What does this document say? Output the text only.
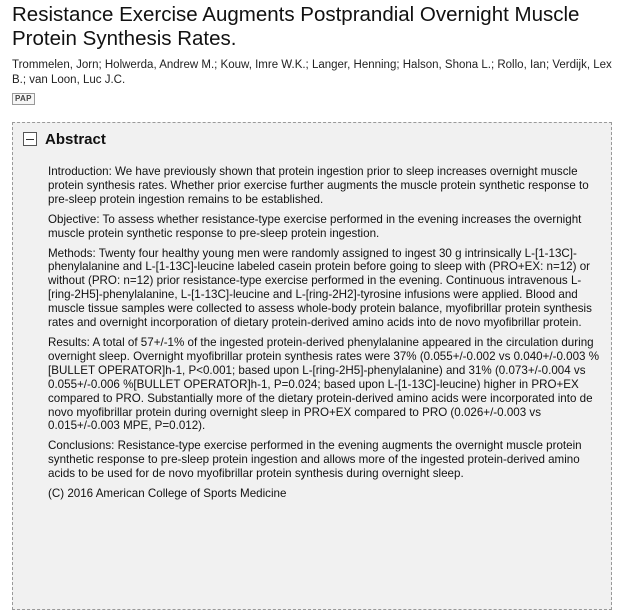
Resistance Exercise Augments Postprandial Overnight Muscle Protein Synthesis Rates.
Trommelen, Jorn; Holwerda, Andrew M.; Kouw, Imre W.K.; Langer, Henning; Halson, Shona L.; Rollo, Ian; Verdijk, Lex B.; van Loon, Luc J.C.
PAP
Abstract

Introduction: We have previously shown that protein ingestion prior to sleep increases overnight muscle protein synthesis rates. Whether prior exercise further augments the muscle protein synthetic response to pre-sleep protein ingestion remains to be established.

Objective: To assess whether resistance-type exercise performed in the evening increases the overnight muscle protein synthetic response to pre-sleep protein ingestion.

Methods: Twenty four healthy young men were randomly assigned to ingest 30 g intrinsically L-[1-13C]-phenylalanine and L-[1-13C]-leucine labeled casein protein before going to sleep with (PRO+EX: n=12) or without (PRO: n=12) prior resistance-type exercise performed in the evening. Continuous intravenous L-[ring-2H5]-phenylalanine, L-[1-13C]-leucine and L-[ring-2H2]-tyrosine infusions were applied. Blood and muscle tissue samples were collected to assess whole-body protein balance, myofibrillar protein synthesis rates and overnight incorporation of dietary protein-derived amino acids into de novo myofibrillar protein.

Results: A total of 57+/-1% of the ingested protein-derived phenylalanine appeared in the circulation during overnight sleep. Overnight myofibrillar protein synthesis rates were 37% (0.055+/-0.002 vs 0.040+/-0.003 %[BULLET OPERATOR]h-1, P<0.001; based upon L-[ring-2H5]-phenylalanine) and 31% (0.073+/-0.004 vs 0.055+/-0.006 %[BULLET OPERATOR]h-1, P=0.024; based upon L-[1-13C]-leucine) higher in PRO+EX compared to PRO. Substantially more of the dietary protein-derived amino acids were incorporated into de novo myofibrillar protein during overnight sleep in PRO+EX compared to PRO (0.026+/-0.003 vs 0.015+/-0.003 MPE, P=0.012).

Conclusions: Resistance-type exercise performed in the evening augments the overnight muscle protein synthetic response to pre-sleep protein ingestion and allows more of the ingested protein-derived amino acids to be used for de novo myofibrillar protein synthesis during overnight sleep.

(C) 2016 American College of Sports Medicine
